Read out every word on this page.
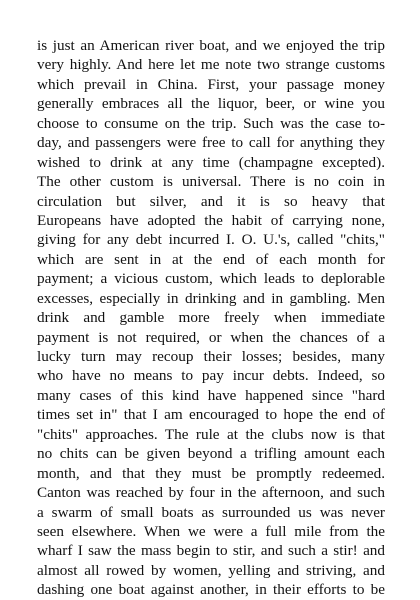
is just an American river boat, and we enjoyed the trip
very highly. And here let me note two strange customs
which prevail in China. First, your passage money
generally embraces all the liquor, beer, or wine you
choose to consume on the trip. Such was the case to-
day, and passengers were free to call for anything they
wished to drink at any time (champagne excepted).
The other custom is universal. There is no coin in
circulation but silver, and it is so heavy that
Europeans have adopted the habit of carrying none,
giving for any debt incurred I. O. U.'s, called "chits,"
which are sent in at the end of each month for
payment; a vicious custom, which leads to deplorable
excesses, especially in drinking and in gambling. Men
drink and gamble more freely when immediate
payment is not required, or when the chances of a
lucky turn may recoup their losses; besides, many
who have no means to pay incur debts. Indeed, so
many cases of this kind have happened since "hard
times set in" that I am encouraged to hope the end of
"chits" approaches. The rule at the clubs now is that
no chits can be given beyond a trifling amount each
month, and that they must be promptly redeemed.
Canton was reached by four in the afternoon, and such
a swarm of small boats as surrounded us was never
seen elsewhere. When we were a full mile from the
wharf I saw the mass begin to stir, and such a stir! and
almost all rowed by women, yelling and striving, and
dashing one boat against another, in their efforts to be
